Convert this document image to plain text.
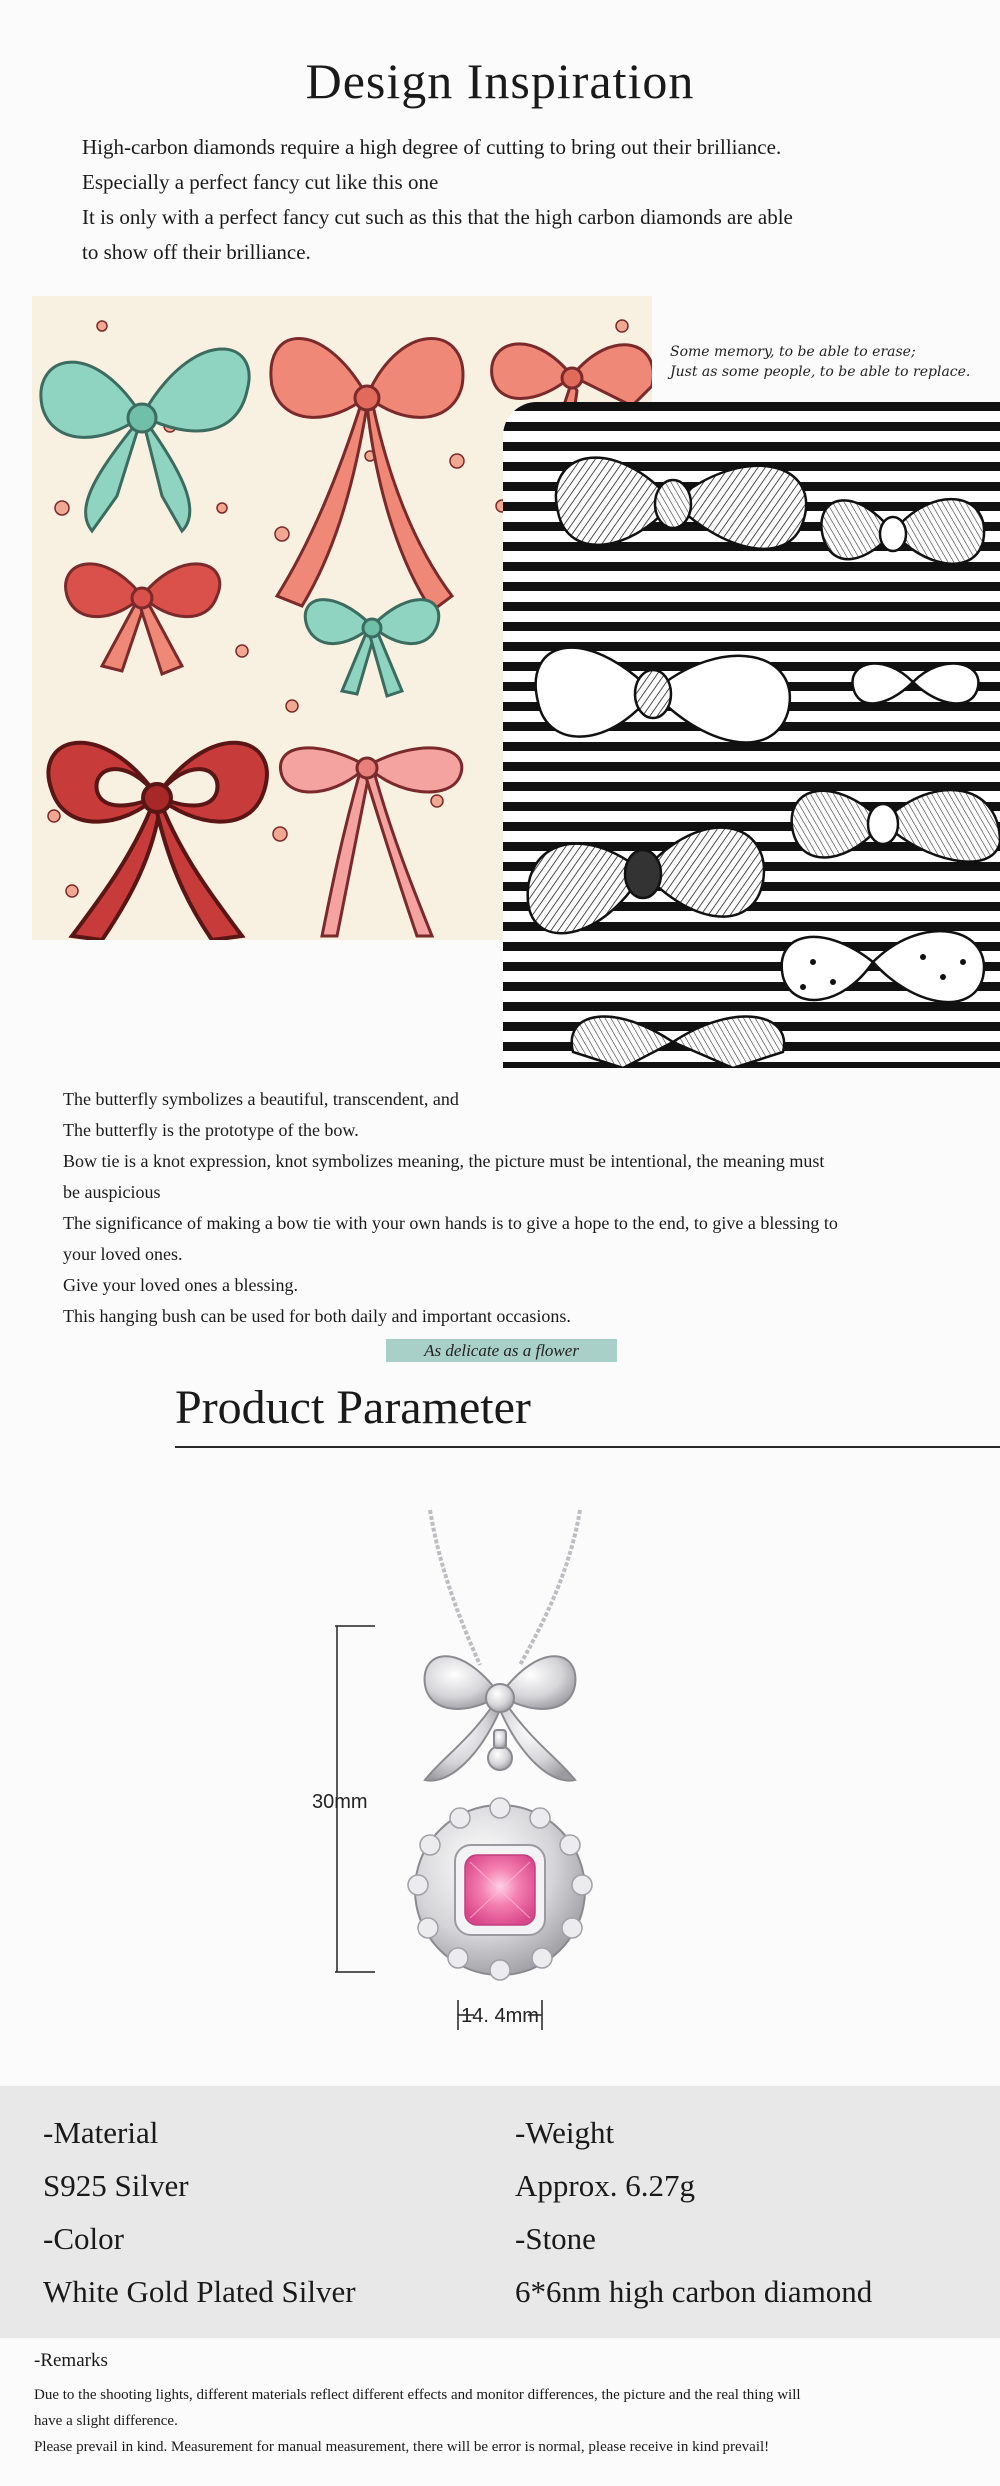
Design Inspiration

High-carbon diamonds require a high degree of cutting to bring out their brilliance.

Especially a perfect fancy cut like this one

It is only with a perfect fancy cut such as this that the high carbon diamonds are able

to show off their brilliance.

Some memory, to be able to erase;
Just as some people, to be able to replace.

The butterfly symbolizes a beautiful, transcendent, and

The butterfly is the prototype of the bow.

Bow tie is a knot expression, knot symbolizes meaning, the picture must be intentional, the meaning must

be auspicious

The significance of making a bow tie with your own hands is to give a hope to the end, to give a blessing to

your loved ones.

Give your loved ones a blessing.

This hanging bush can be used for both daily and important occasions.

As delicate as a flower
Product Parameter
30mm
14. 4mm
-Material
S925 Silver
-Color
White Gold Plated Silver
-Weight
Approx. 6.27g
-Stone
6*6nm high carbon diamond
-Remarks

Due to the shooting lights, different materials reflect different effects and monitor differences, the picture and the real thing will

have a slight difference.

Please prevail in kind. Measurement for manual measurement, there will be error is normal, please receive in kind prevail!
